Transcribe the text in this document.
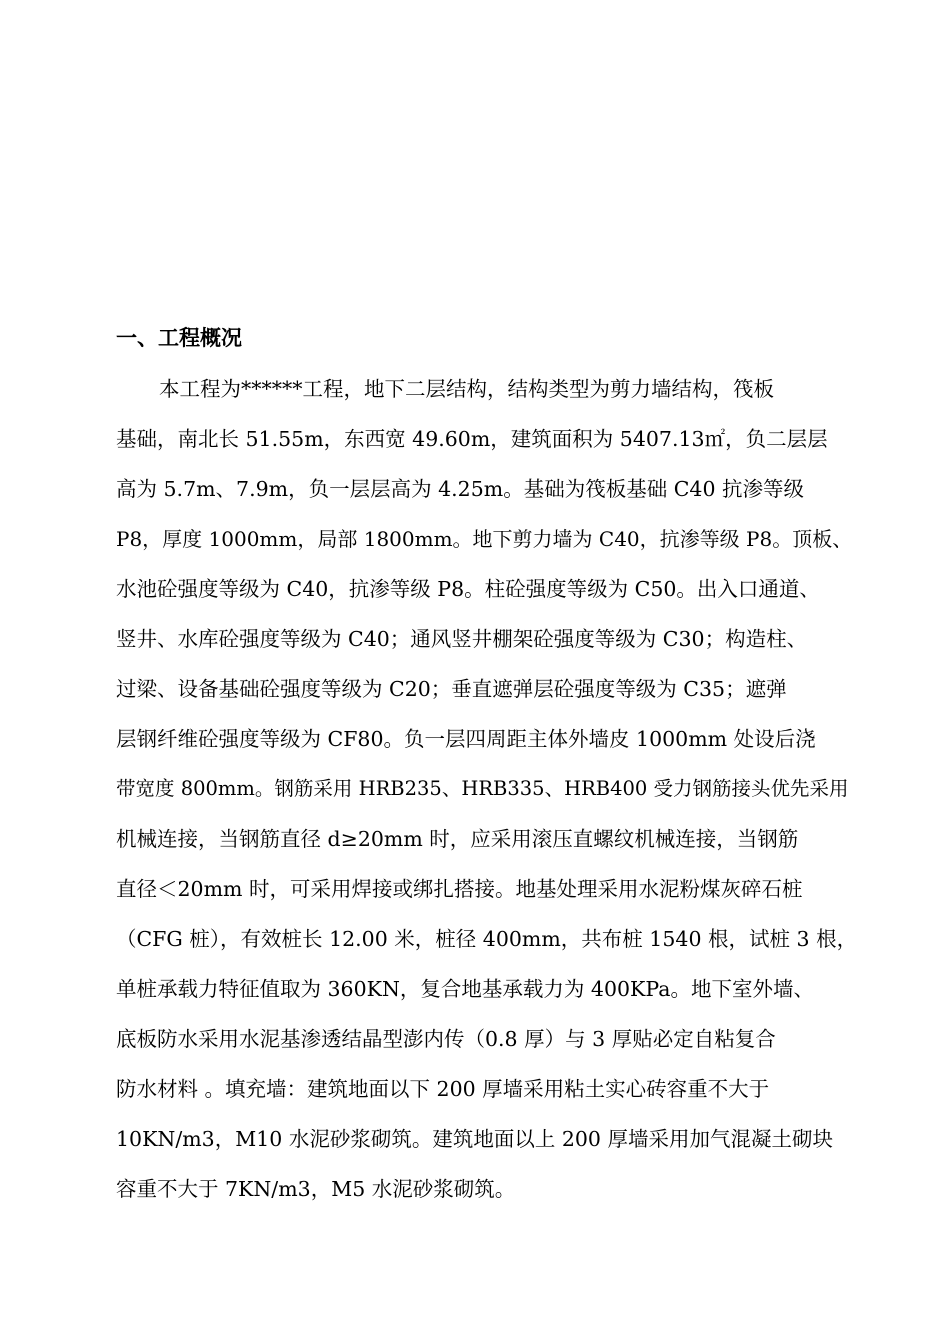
一、工程概况
本工程为******工程，地下二层结构，结构类型为剪力墙结构，筏板
基础，南北长 51.55m，东西宽 49.60m，建筑面积为 5407.13㎡，负二层层
高为 5.7m、7.9m，负一层层高为 4.25m。基础为筏板基础 C40 抗渗等级
P8，厚度 1000mm，局部 1800mm。地下剪力墙为 C40，抗渗等级 P8。顶板、
水池砼强度等级为 C40，抗渗等级 P8。柱砼强度等级为 C50。出入口通道、
竖井、水库砼强度等级为 C40；通风竖井棚架砼强度等级为 C30；构造柱、
过梁、设备基础砼强度等级为 C20；垂直遮弹层砼强度等级为 C35；遮弹
层钢纤维砼强度等级为 CF80。负一层四周距主体外墙皮 1000mm 处设后浇
带宽度 800mm。钢筋采用 HRB235、HRB335、HRB400 受力钢筋接头优先采用
机械连接，当钢筋直径 d≥20mm 时，应采用滚压直螺纹机械连接，当钢筋
直径＜20mm 时，可采用焊接或绑扎搭接。地基处理采用水泥粉煤灰碎石桩
（CFG 桩），有效桩长 12.00 米，桩径 400mm，共布桩 1540 根，试桩 3 根，
单桩承载力特征值取为 360KN，复合地基承载力为 400KPa。地下室外墙、
底板防水采用水泥基渗透结晶型澎内传（0.8 厚）与 3 厚贴必定自粘复合
防水材料 。填充墙：建筑地面以下 200 厚墙采用粘土实心砖容重不大于
10KN/m3，M10 水泥砂浆砌筑。建筑地面以上 200 厚墙采用加气混凝土砌块
容重不大于 7KN/m3，M5 水泥砂浆砌筑。
